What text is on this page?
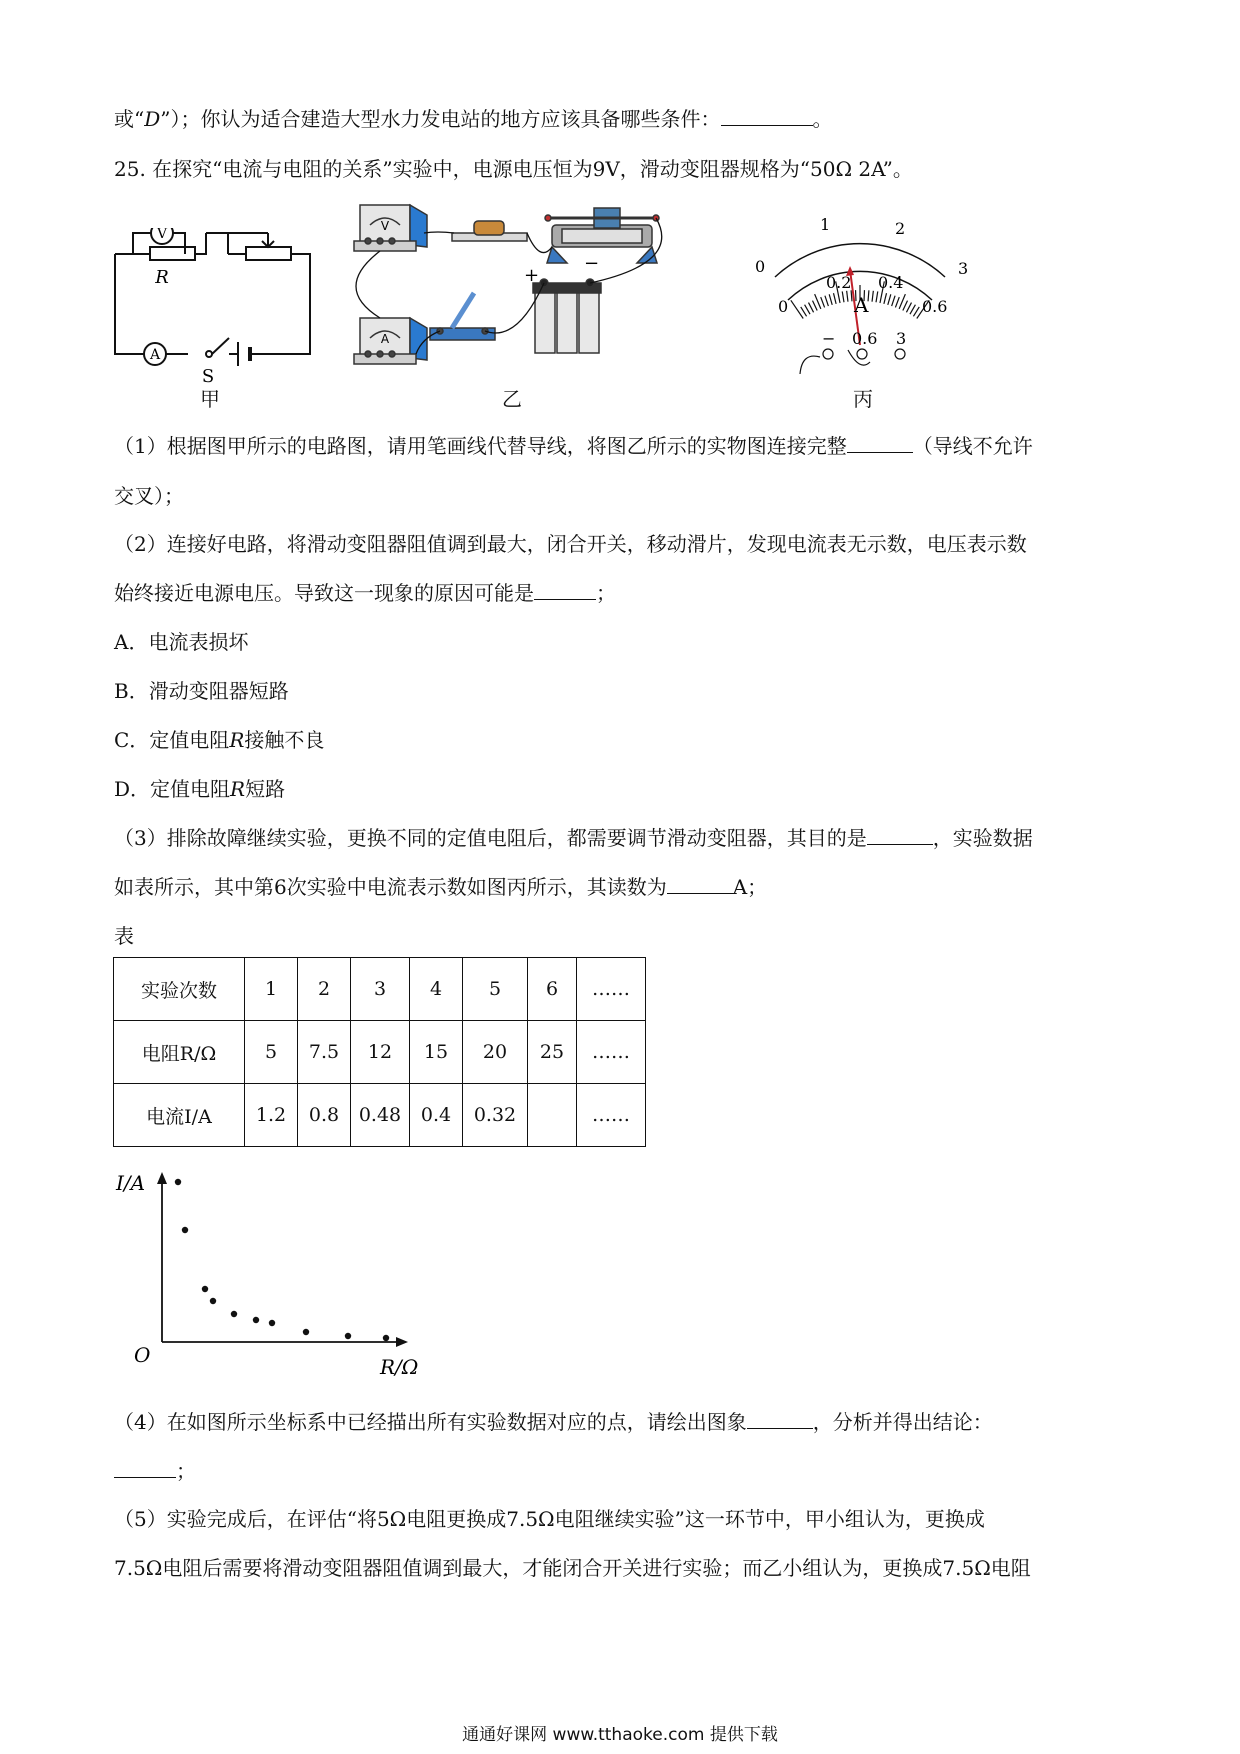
或“D”）；你认为适合建造大型水力发电站的地方应该具备哪些条件：	。
25. 在探究“电流与电阻的关系”实验中，电源电压恒为9V，滑动变阻器规格为“50Ω 2A”。
V
A
R
S
甲
V
A
+
−
乙
0
1	2
3
0
0.2 0.4
0.6
A
− 0.6 3
丙
（1）根据图甲所示的电路图，请用笔画线代替导线，将图乙所示的实物图连接完整	（导线不允许
交叉）；
（2）连接好电路，将滑动变阻器阻值调到最大，闭合开关，移动滑片，发现电流表无示数，电压表示数
始终接近电源电压。导致这一现象的原因可能是	；
A．电流表损坏
B．滑动变阻器短路
C．定值电阻R接触不良
D．定值电阻R短路
（3）排除故障继续实验，更换不同的定值电阻后，都需要调节滑动变阻器，其目的是	，实验数据
如表所示，其中第6次实验中电流表示数如图丙所示，其读数为	A；
表
实验次数	1	2	3	4	5	6	……
电阻R/Ω	5	7.5	12	15	20	25	……
电流I/A	1.2	0.8	0.48	0.4	0.32		……
I/A
R/Ω
O
（4）在如图所示坐标系中已经描出所有实验数据对应的点，请绘出图象	，分析并得出结论：
；
（5）实验完成后，在评估“将5Ω电阻更换成7.5Ω电阻继续实验”这一环节中，甲小组认为，更换成
7.5Ω电阻后需要将滑动变阻器阻值调到最大，才能闭合开关进行实验；而乙小组认为，更换成7.5Ω电阻
通通好课网 www.tthaoke.com 提供下载
